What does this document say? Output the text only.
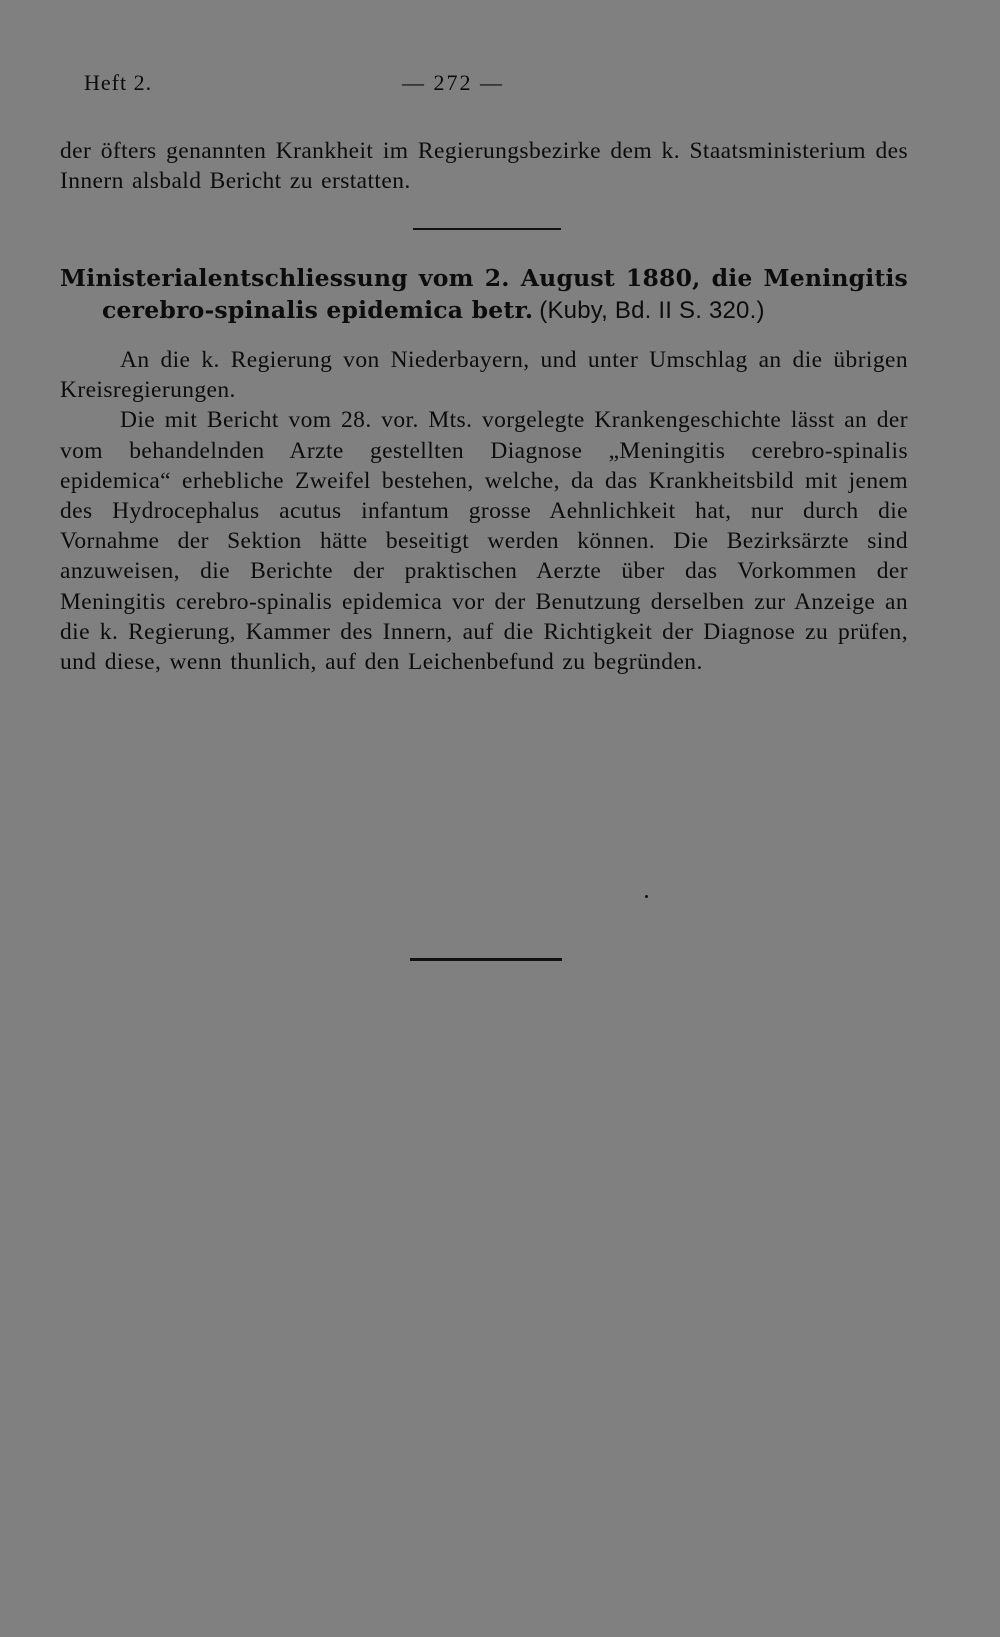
Heft 2.	— 272 —
der öfters genannten Krankheit im Regierungsbezirke dem k. Staatsministerium des Innern alsbald Bericht zu erstatten.
Ministerialentschliessung vom 2. August 1880, die Meningitis
cerebro-spinalis epidemica betr. (Kuby, Bd. II S. 320.)
An die k. Regierung von Niederbayern, und unter Umschlag an die übrigen Kreisregierungen.
Die mit Bericht vom 28. vor. Mts. vorgelegte Krankengeschichte lässt an der vom behandelnden Arzte gestellten Diagnose „Meningitis cerebro-spinalis epidemica“ erhebliche Zweifel bestehen, welche, da das Krankheitsbild mit jenem des Hydrocephalus acutus infantum grosse Aehnlichkeit hat, nur durch die Vornahme der Sektion hätte beseitigt werden können. Die Bezirksärzte sind anzuweisen, die Berichte der praktischen Aerzte über das Vorkommen der Meningitis cerebro-spinalis epidemica vor der Benutzung derselben zur Anzeige an die k. Regierung, Kammer des Innern, auf die Richtigkeit der Diagnose zu prüfen, und diese, wenn thunlich, auf den Leichenbefund zu begründen.
